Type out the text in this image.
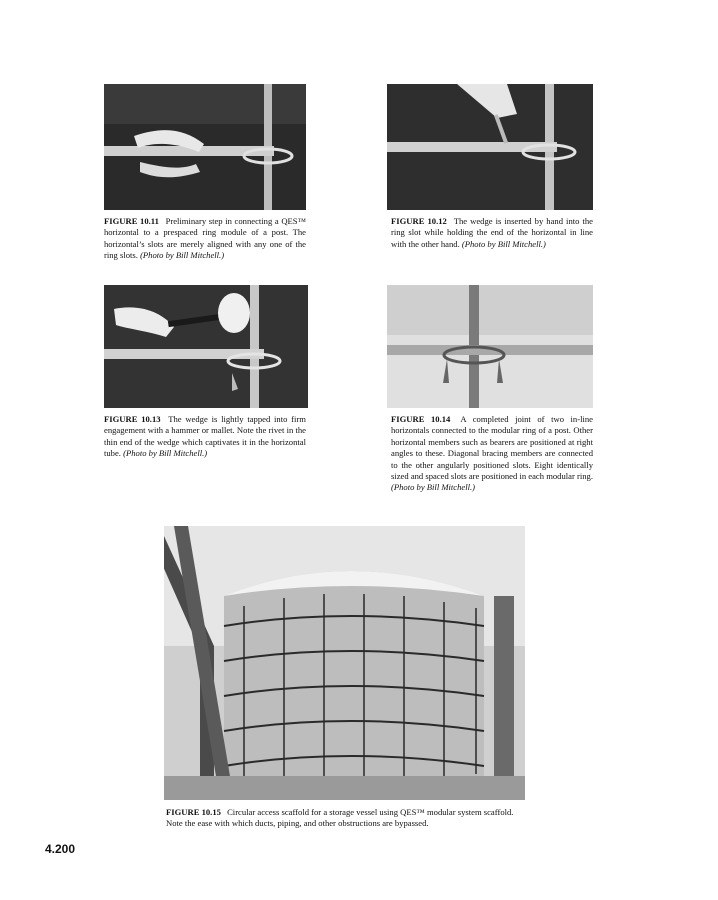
FIGURE 10.11 Preliminary step in connecting a QES™ horizontal to a prespaced ring module of a post. The horizontal’s slots are merely aligned with any one of the ring slots. (Photo by Bill Mitchell.)
FIGURE 10.12 The wedge is inserted by hand into the ring slot while holding the end of the horizontal in line with the other hand. (Photo by Bill Mitchell.)
FIGURE 10.13 The wedge is lightly tapped into firm engagement with a hammer or mallet. Note the rivet in the thin end of the wedge which captivates it in the horizontal tube. (Photo by Bill Mitchell.)
FIGURE 10.14 A completed joint of two in-line horizontals connected to the modular ring of a post. Other horizontal members such as bearers are positioned at right angles to these. Diagonal bracing members are connected to the other angularly positioned slots. Eight identically sized and spaced slots are positioned in each modular ring. (Photo by Bill Mitchell.)
FIGURE 10.15 Circular access scaffold for a storage vessel using QES™ modular system scaffold. Note the ease with which ducts, piping, and other obstructions are bypassed.
4.200
